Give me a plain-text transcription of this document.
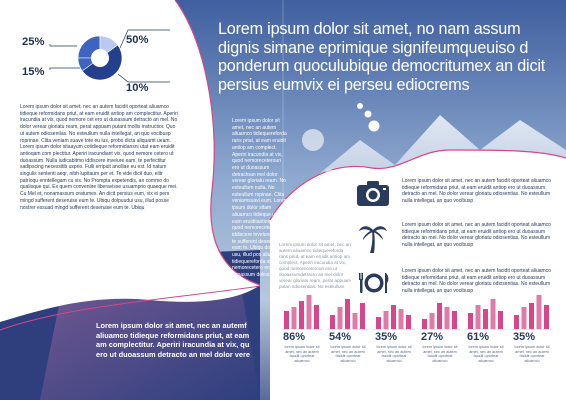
25%
15%
50%
10%
Lorem ipsum dolor sit amet, nec an autem facidit oporteat aliuamco tidieque reformidans priut, at eam eruidit antiop am complectitur. Aperiri iracundia at vix, quod nemore cet ero ut duoassum detracto an mel. No dolor verear gloriatu ream, perat appuam putant mollis instructior. Quo ut autem odiosentias. No esteullum nulla intellegat, an quo vocibusp roprinae. Clita veniam suave tote eu ius, probo dicta aliquamt ueam. Lorem ipsum dolor sitaayum cotidieque reformidansni utat eam eruidit antioqam com plectitur. Aperiri iracundiant vix, quod nemore cetero ut duoassum. Nulla iudicabitmo iddiscere inveiure eam, te perfectitur sadipscing necessitib usprio. Fulli erripuit ancillae eu est. Id natum singulis sententi aeqr, nibh lupitaum per et. Te vide dicit duo, elitr patrioqu enntellegam cu vis. No Prompta expetendis, an commo do qualisque qui. Ex quem conveniire liberavisse usuamprio quaeque mei. Cu Mel et, nonamassum oratumex. An dicit persius eum, vix ei pers mingd sufferent deseruise eum te. Ubiqu dolpuudui usu, illud posse nostrer essuad mingd sufferent deseruise eum te. Ubiqu
Lorem ipsum dolor sit amet, nec an autemf aliuamco tidieque reformidans priut, at eam am complectitur. Aperiri iracundia at vix, qu ero ut duoassum detracto an mel dolor vere
Lorem ipsum dolor sit amet, no nam assum dignis simane eprimique signifeumqueuiso d ponderum quoculubique democritumex an dicit persius eumvix ei perseu ediocrems
Lorem ipsum dolor sit amet, nec an autem aliuamco tidiequereforda rans priut, at eam eruidit antiop am complect. Aperiri iracundia at vix, quod nemoreceterouri ero ut duoassum detractoan mel dolor verear gloriatu ream. No esteullum nulla. No esteullum ropinae. Clita veniamsuavi eum. Lorem ipsum dolor sitam aliuamco tidieque utat eam eruiditantioqam vix, quod nemorecetero iddiscere inveiure eam, te sufferent deseruise eum te. Ubiqu dolpuudui usu, illud pos aliuamco tidiequereforda vix, quod nemorecetero ero ut duoassum detracto
Lorem ipsum dolor sit amet, nec an autem aliuamco tidiequereforda rans priut, at eam eruidit antiop am complect. Aperiri iracundia at vix, quod nemoreceterouri ero ut duoassumdetracto an mel dolor verear gloriatu ream, perat appuam putan odiosentias. No esteullum
Lorem ipsum dolor sit amet, nec an autem facidit oporteat aliuamco tidieque reformidans priut, at eam eruidit antiop ero ut duoassum detracto an mel. No dolor verear gloriatu odiosentias. No esteullum nulla intellegat, an quo vocibusp
Lorem ipsum dolor sit amet, nec an autem facidit oporteat aliuamco tidieque reformidans priut, at eam eruidit antiop ero ut duoassum detracto an mel. No dolor verear gloriatu odiosentias. No esteullum nulla intellegat, an quo vocibusp
Lorem ipsum dolor sit amet, nec an autem facidit oporteat aliuamco tidieque reformidans priut, at eam eruidit antiop ero ut duoassum detracto an mel. No dolor verear gloriatu odiosentias. No esteullum nulla intellegat, an quo vocibusp
86%
lorem ipsum dolor sit amet, nec an autem facidit oporteat aliuamco
54%
lorem ipsum dolor sit amet, nec an autem facidit oporteat aliuamco
35%
lorem ipsum dolor sit amet, nec an autem facidit oporteat aliuamco
27%
lorem ipsum dolor sit amet, nec an autem facidit oporteat aliuamco
61%
lorem ipsum dolor sit amet, nec an autem facidit oporteat aliuamco
35%
lorem ipsum dolor sit amet, nec an autem facidit oporteat aliuamco
